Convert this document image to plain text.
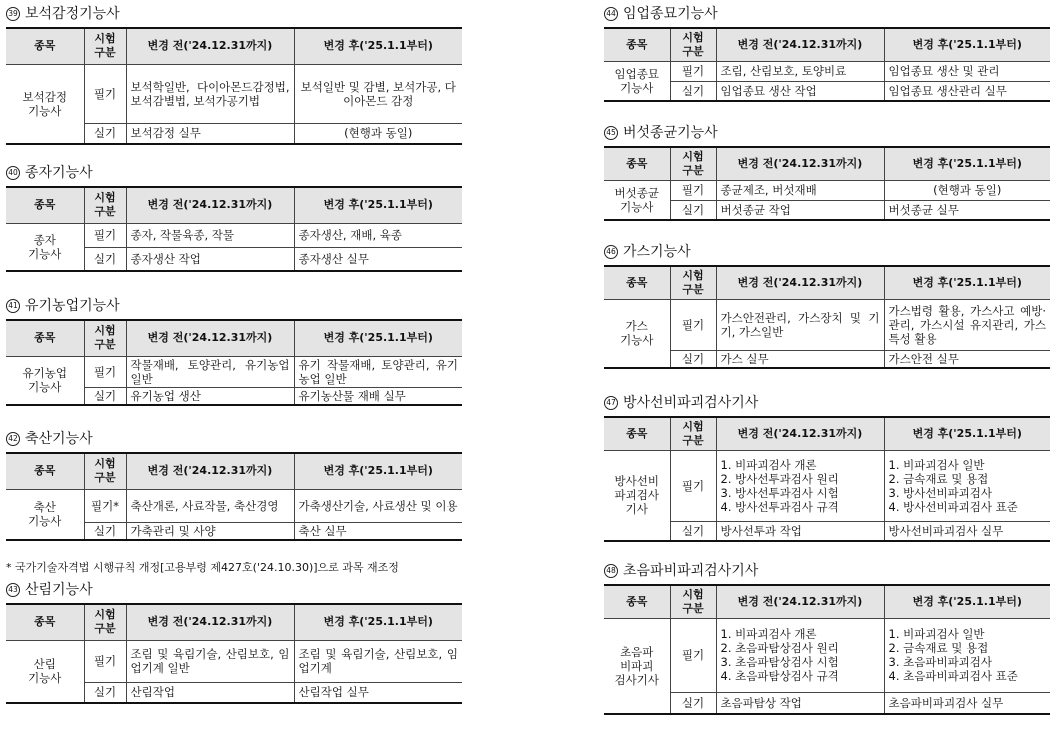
39 보석감정기능사
종목	시험
구분	변경 전('24.12.31까지)	변경 후('25.1.1부터)
보석감정
기능사	필기	보석학일반, 다이아몬드감정법, 보석감별법, 보석가공기법	보석일반 및 감별, 보석가공, 다이아몬드 감정
	실기	보석감정 실무	(현행과 동일)
40 종자기능사
종목	시험
구분	변경 전('24.12.31까지)	변경 후('25.1.1부터)
종자
기능사	필기	종자, 작물육종, 작물	종자생산, 재배, 육종
	실기	종자생산 작업	종자생산 실무
41 유기농업기능사
종목	시험
구분	변경 전('24.12.31까지)	변경 후('25.1.1부터)
유기농업
기능사	필기	작물재배, 토양관리, 유기농업 일반	유기 작물재배, 토양관리, 유기농업 일반
	실기	유기농업 생산	유기농산물 재배 실무
42 축산기능사
종목	시험
구분	변경 전('24.12.31까지)	변경 후('25.1.1부터)
축산
기능사	필기*	축산개론, 사료작물, 축산경영	가축생산기술, 사료생산 및 이용
	실기	가축관리 및 사양	축산 실무
43 산림기능사
종목	시험
구분	변경 전('24.12.31까지)	변경 후('25.1.1부터)
산림
기능사	필기	조림 및 육림기술, 산림보호, 임업기계 일반	조림 및 육림기술, 산림보호, 임업기계
	실기	산림작업	산림작업 실무
44 임업종묘기능사
종목	시험
구분	변경 전('24.12.31까지)	변경 후('25.1.1부터)
임업종묘
기능사	필기	조림, 산림보호, 토양비료	임업종묘 생산 및 관리
	실기	임업종묘 생산 작업	임업종묘 생산관리 실무
45 버섯종균기능사
종목	시험
구분	변경 전('24.12.31까지)	변경 후('25.1.1부터)
버섯종균
기능사	필기	종균제조, 버섯재배	(현행과 동일)
	실기	버섯종균 작업	버섯종균 실무
46 가스기능사
종목	시험
구분	변경 전('24.12.31까지)	변경 후('25.1.1부터)
가스
기능사	필기	가스안전관리, 가스장치 및 기기, 가스일반	가스법령 활용, 가스사고 예방·관리, 가스시설 유지관리, 가스특성 활용
	실기	가스 실무	가스안전 실무
47 방사선비파괴검사기사
종목	시험
구분	변경 전('24.12.31까지)	변경 후('25.1.1부터)
방사선비
파괴검사
기사	필기	1. 비파괴검사 개론
2. 방사선투과검사 원리
3. 방사선투과검사 시험
4. 방사선투과검사 규격	1. 비파괴검사 일반
2. 금속재료 및 용접
3. 방사선비파괴검사
4. 방사선비파괴검사 표준
	실기	방사선투과 작업	방사선비파괴검사 실무
48 초음파비파괴검사기사
종목	시험
구분	변경 전('24.12.31까지)	변경 후('25.1.1부터)
초음파
비파괴
검사기사	필기	1. 비파괴검사 개론
2. 초음파탐상검사 원리
3. 초음파탐상검사 시험
4. 초음파탐상검사 규격	1. 비파괴검사 일반
2. 금속재료 및 용접
3. 초음파비파괴검사
4. 초음파비파괴검사 표준
	실기	초음파탐상 작업	초음파비파괴검사 실무
* 국가기술자격법 시행규칙 개정[고용부령 제427호('24.10.30)]으로 과목 재조정
